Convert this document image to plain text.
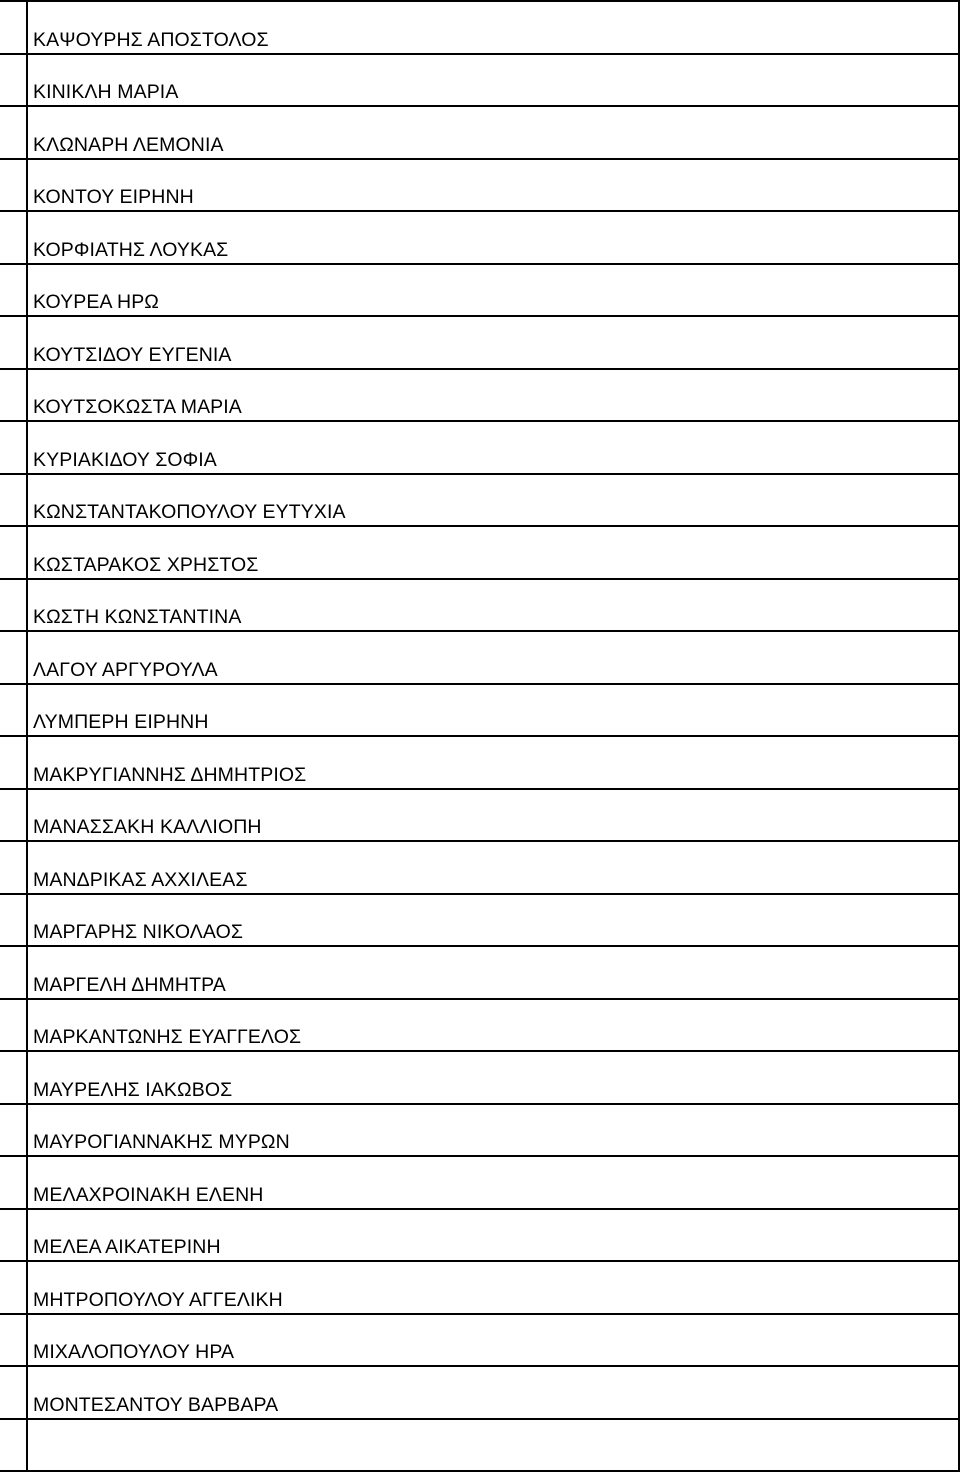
	ΚΑΨΟΥΡΗΣ ΑΠΟΣΤΟΛΟΣ
	ΚΙΝΙΚΛΗ ΜΑΡΙΑ
	ΚΛΩΝΑΡΗ ΛΕΜΟΝΙΑ
	ΚΟΝΤΟΥ ΕΙΡΗΝΗ
	ΚΟΡΦΙΑΤΗΣ ΛΟΥΚΑΣ
	ΚΟΥΡΕΑ ΗΡΩ
	ΚΟΥΤΣΙΔΟΥ ΕΥΓΕΝΙΑ
	ΚΟΥΤΣΟΚΩΣΤΑ ΜΑΡΙΑ
	ΚΥΡΙΑΚΙΔΟΥ ΣΟΦΙΑ
	ΚΩΝΣΤΑΝΤΑΚΟΠΟΥΛΟΥ ΕΥΤΥΧΙΑ
	ΚΩΣΤΑΡΑΚΟΣ ΧΡΗΣΤΟΣ
	ΚΩΣΤΗ ΚΩΝΣΤΑΝΤΙΝΑ
	ΛΑΓΟΥ ΑΡΓΥΡΟΥΛΑ
	ΛΥΜΠΕΡΗ ΕΙΡΗΝΗ
	ΜΑΚΡΥΓΙΑΝΝΗΣ ΔΗΜΗΤΡΙΟΣ
	ΜΑΝΑΣΣΑΚΗ ΚΑΛΛΙΟΠΗ
	ΜΑΝΔΡΙΚΑΣ ΑΧΧΙΛΕΑΣ
	ΜΑΡΓΑΡΗΣ ΝΙΚΟΛΑΟΣ
	ΜΑΡΓΕΛΗ ΔΗΜΗΤΡΑ
	ΜΑΡΚΑΝΤΩΝΗΣ ΕΥΑΓΓΕΛΟΣ
	ΜΑΥΡΕΛΗΣ ΙΑΚΩΒΟΣ
	ΜΑΥΡΟΓΙΑΝΝΑΚΗΣ ΜΥΡΩΝ
	ΜΕΛΑΧΡΟΙΝΑΚΗ ΕΛΕΝΗ
	ΜΕΛΕΑ ΑΙΚΑΤΕΡΙΝΗ
	ΜΗΤΡΟΠΟΥΛΟΥ ΑΓΓΕΛΙΚΗ
	ΜΙΧΑΛΟΠΟΥΛΟΥ ΗΡΑ
	ΜΟΝΤΕΣΑΝΤΟΥ ΒΑΡΒΑΡΑ
